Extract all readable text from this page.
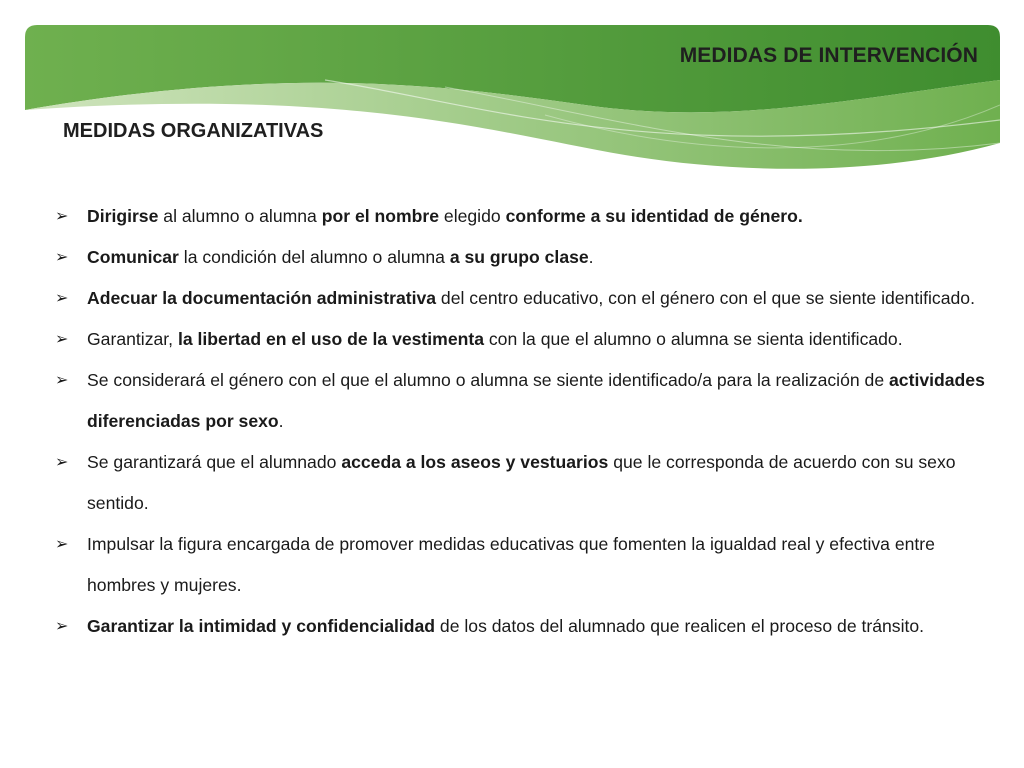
MEDIDAS DE INTERVENCIÓN
MEDIDAS ORGANIZATIVAS
➢ Dirigirse al alumno o alumna por el nombre elegido conforme a su identidad de género.
➢ Comunicar la condición del alumno o alumna a su grupo clase.
➢ Adecuar la documentación administrativa del centro educativo, con el género con el que se siente identificado.
➢ Garantizar, la libertad en el uso de la vestimenta con la que el alumno o alumna se sienta identificado.
➢ Se considerará el género con el que el alumno o alumna se siente identificado/a para la realización de actividades diferenciadas por sexo.
➢ Se garantizará que el alumnado acceda a los aseos y vestuarios que le corresponda de acuerdo con su sexo sentido.
➢ Impulsar la figura encargada de promover medidas educativas que fomenten la igualdad real y efectiva entre hombres y mujeres.
➢ Garantizar la intimidad y confidencialidad de los datos del alumnado que realicen el proceso de tránsito.
